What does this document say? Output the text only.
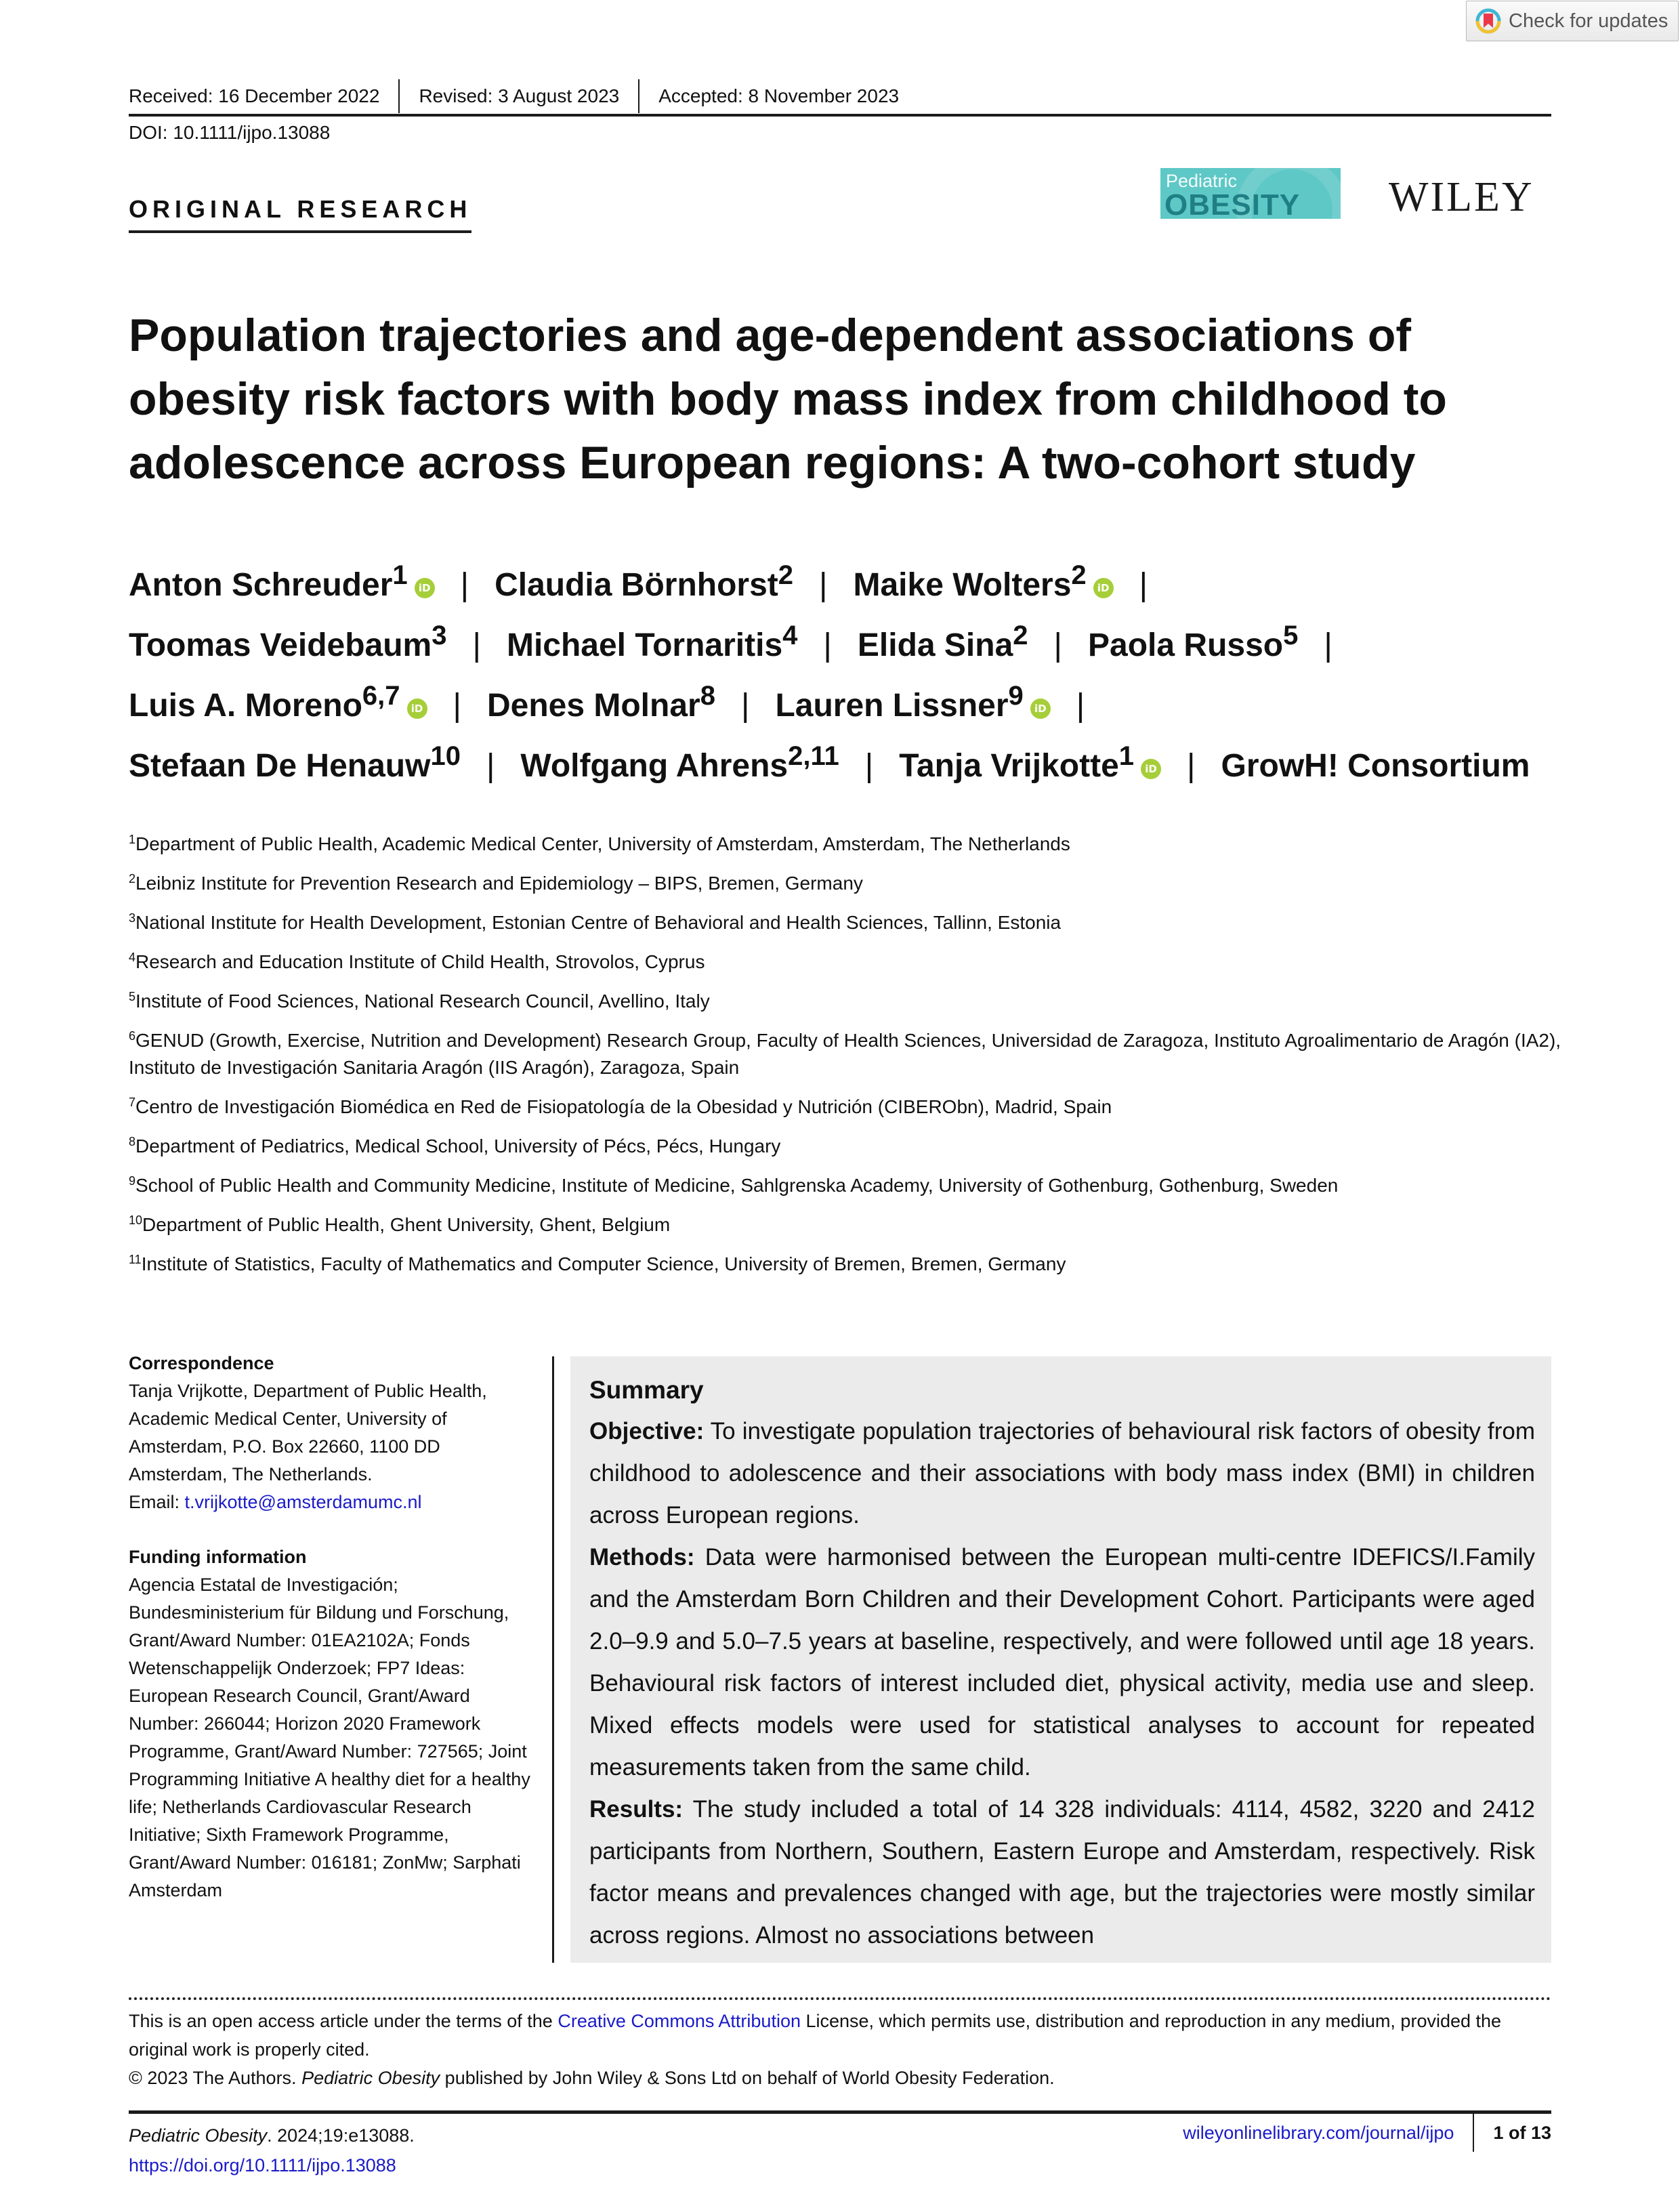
Check for updates
Received: 16 December 2022	Revised: 3 August 2023	Accepted: 8 November 2023
DOI: 10.1111/ijpo.13088
ORIGINAL RESEARCH
Pediatric
OBESITY WILEY
Population trajectories and age-dependent associations of obesity risk factors with body mass index from childhood to adolescence across European regions: A two-cohort study
Anton Schreuder$^1$ iD | Claudia Börnhorst$^2$ | Maike Wolters$^2$ iD |
Toomas Veidebaum$^3$ | Michael Tornaritis$^4$ | Elida Sina$^2$ | Paola Russo$^5$ |
Luis A. Moreno$^{6,7}$ iD | Denes Molnar$^8$ | Lauren Lissner$^9$ iD |
Stefaan De Henauw$^{10}$ | Wolfgang Ahrens$^{2,11}$ | Tanja Vrijkotte$^1$ iD | GrowH! Consortium
$^1$Department of Public Health, Academic Medical Center, University of Amsterdam, Amsterdam, The Netherlands
$^2$Leibniz Institute for Prevention Research and Epidemiology – BIPS, Bremen, Germany
$^3$National Institute for Health Development, Estonian Centre of Behavioral and Health Sciences, Tallinn, Estonia
$^4$Research and Education Institute of Child Health, Strovolos, Cyprus
$^5$Institute of Food Sciences, National Research Council, Avellino, Italy
$^6$GENUD (Growth, Exercise, Nutrition and Development) Research Group, Faculty of Health Sciences, Universidad de Zaragoza, Instituto Agroalimentario de Aragón (IA2), Instituto de Investigación Sanitaria Aragón (IIS Aragón), Zaragoza, Spain
$^7$Centro de Investigación Biomédica en Red de Fisiopatología de la Obesidad y Nutrición (CIBERObn), Madrid, Spain
$^8$Department of Pediatrics, Medical School, University of Pécs, Pécs, Hungary
$^9$School of Public Health and Community Medicine, Institute of Medicine, Sahlgrenska Academy, University of Gothenburg, Gothenburg, Sweden
$^{10}$Department of Public Health, Ghent University, Ghent, Belgium
$^{11}$Institute of Statistics, Faculty of Mathematics and Computer Science, University of Bremen, Bremen, Germany
Correspondence

Tanja Vrijkotte, Department of Public Health, Academic Medical Center, University of Amsterdam, P.O. Box 22660, 1100 DD Amsterdam, The Netherlands.
Email: t.vrijkotte@amsterdamumc.nl

Funding information

Agencia Estatal de Investigación; Bundesministerium für Bildung und Forschung, Grant/Award Number: 01EA2102A; Fonds Wetenschappelijk Onderzoek; FP7 Ideas: European Research Council, Grant/Award Number: 266044; Horizon 2020 Framework Programme, Grant/Award Number: 727565; Joint Programming Initiative A healthy diet for a healthy life; Netherlands Cardiovascular Research Initiative; Sixth Framework Programme, Grant/Award Number: 016181; ZonMw; Sarphati Amsterdam

Summary

Objective: To investigate population trajectories of behavioural risk factors of obesity from childhood to adolescence and their associations with body mass index (BMI) in children across European regions.

Methods: Data were harmonised between the European multi-centre IDEFICS/I.Family and the Amsterdam Born Children and their Development Cohort. Participants were aged 2.0–9.9 and 5.0–7.5 years at baseline, respectively, and were followed until age 18 years. Behavioural risk factors of interest included diet, physical activity, media use and sleep. Mixed effects models were used for statistical analyses to account for repeated measurements taken from the same child.

Results: The study included a total of 14 328 individuals: 4114, 4582, 3220 and 2412 participants from Northern, Southern, Eastern Europe and Amsterdam, respectively. Risk factor means and prevalences changed with age, but the trajectories were mostly similar across regions. Almost no associations between

This is an open access article under the terms of the Creative Commons Attribution License, which permits use, distribution and reproduction in any medium, provided the original work is properly cited.
© 2023 The Authors. Pediatric Obesity published by John Wiley & Sons Ltd on behalf of World Obesity Federation.
Pediatric Obesity. 2024;19:e13088.
https://doi.org/10.1111/ijpo.13088
wileyonlinelibrary.com/journal/ijpo	1 of 13
